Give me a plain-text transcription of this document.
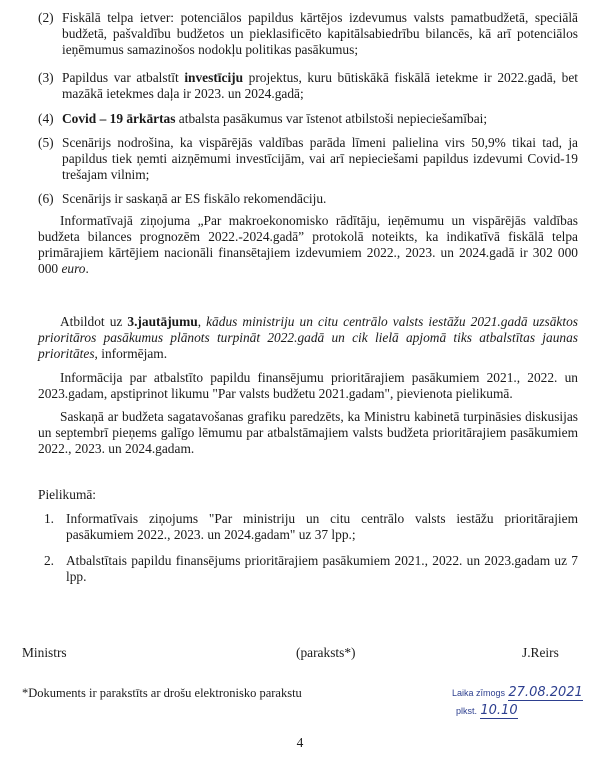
(2) Fiskālā telpa ietver: potenciālos papildus kārtējos izdevumus valsts pamatbudžetā, speciālā budžetā, pašvaldību budžetos un pieklasificēto kapitālsabiedrību bilancēs, kā arī potenciālos ieņēmumus samazinošos nodokļu politikas pasākumus;
(3) Papildus var atbalstīt investīciju projektus, kuru būtiskākā fiskālā ietekme ir 2022.gadā, bet mazākā ietekmes daļa ir 2023. un 2024.gadā;
(4) Covid – 19 ārkārtas atbalsta pasākumus var īstenot atbilstoši nepieciešamībai;
(5) Scenārijs nodrošina, ka vispārējās valdības parāda līmeni palielina virs 50,9% tikai tad, ja papildus tiek ņemti aizņēmumi investīcijām, vai arī nepieciešami papildus izdevumi Covid-19 trešajam vilnim;
(6) Scenārijs ir saskaņā ar ES fiskālo rekomendāciju.
Informatīvajā ziņojuma „Par makroekonomisko rādītāju, ieņēmumu un vispārējās valdības budžeta bilances prognozēm 2022.-2024.gadā” protokolā noteikts, ka indikatīvā fiskālā telpa primārajiem kārtējiem nacionāli finansētajiem izdevumiem 2022., 2023. un 2024.gadā ir 302 000 000 euro.
Atbildot uz 3.jautājumu, kādus ministriju un citu centrālo valsts iestāžu 2021.gadā uzsāktos prioritāros pasākumus plānots turpināt 2022.gadā un cik lielā apjomā tiks atbalstītas jaunas prioritātes, informējam.
Informācija par atbalstīto papildu finansējumu prioritārajiem pasākumiem 2021., 2022. un 2023.gadam, apstiprinot likumu "Par valsts budžetu 2021.gadam", pievienota pielikumā.
Saskaņā ar budžeta sagatavošanas grafiku paredzēts, ka Ministru kabinetā turpināsies diskusijas un septembrī pieņems galīgo lēmumu par atbalstāmajiem valsts budžeta prioritārajiem pasākumiem 2022., 2023. un 2024.gadam.
Pielikumā:
1. Informatīvais ziņojums "Par ministriju un citu centrālo valsts iestāžu prioritārajiem pasākumiem 2022., 2023. un 2024.gadam" uz 37 lpp.;
2. Atbalstītais papildu finansējums prioritārajiem pasākumiem 2021., 2022. un 2023.gadam uz 7 lpp.
Ministrs	(paraksts*)	J.Reirs
*Dokuments ir parakstīts ar drošu elektronisko parakstu	Laika zīmogs 27.08.2021
plkst. 10.10
4
